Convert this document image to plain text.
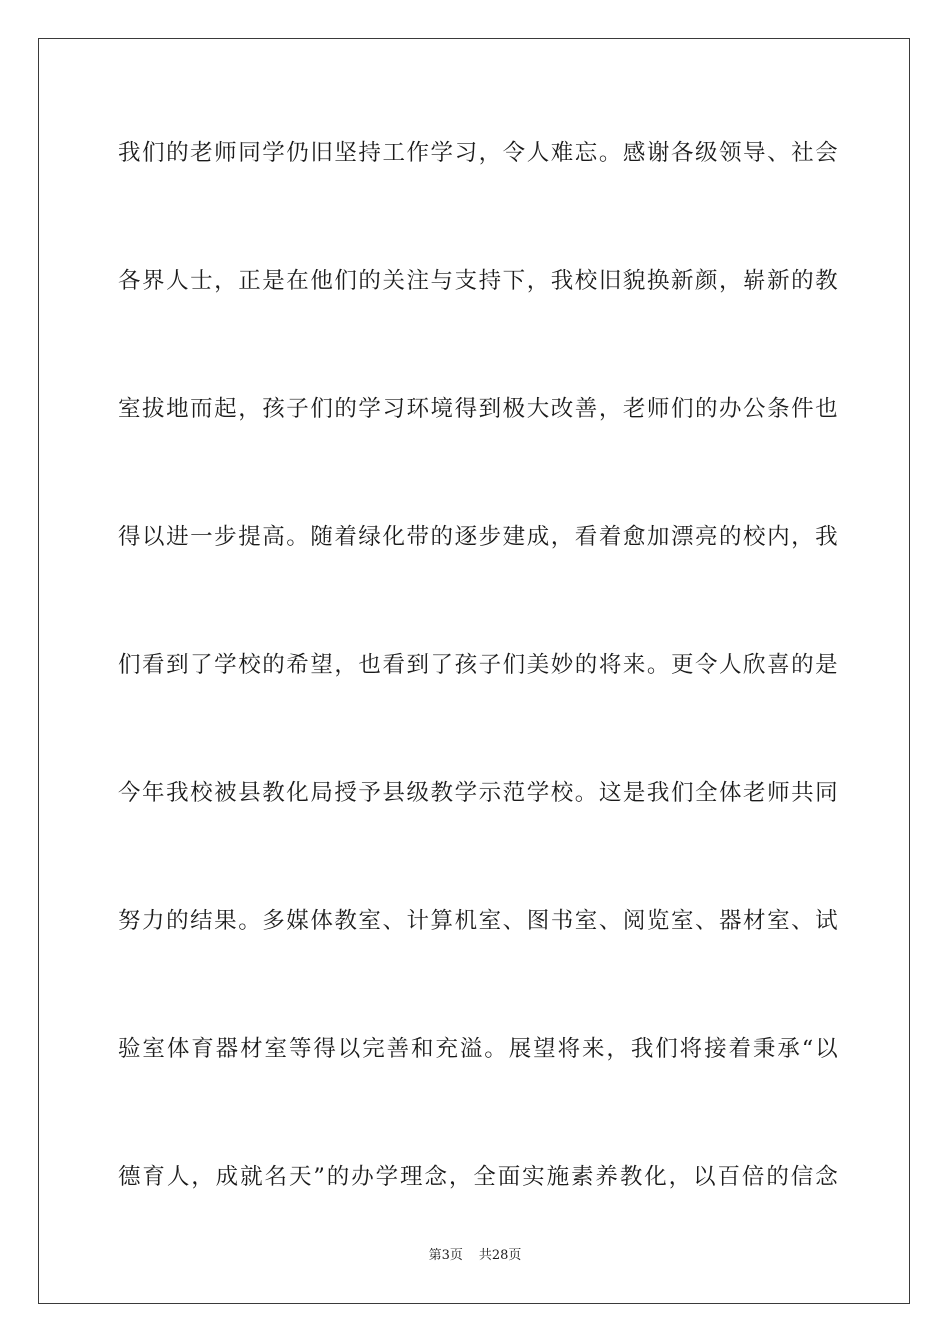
我们的老师同学仍旧坚持工作学习，令人难忘。感谢各级领导、社会
各界人士，正是在他们的关注与支持下，我校旧貌换新颜，崭新的教
室拔地而起，孩子们的学习环境得到极大改善，老师们的办公条件也
得以进一步提高。随着绿化带的逐步建成，看着愈加漂亮的校内，我
们看到了学校的希望，也看到了孩子们美妙的将来。更令人欣喜的是
今年我校被县教化局授予县级教学示范学校。这是我们全体老师共同
努力的结果。多媒体教室、计算机室、图书室、阅览室、器材室、试
验室体育器材室等得以完善和充溢。展望将来，我们将接着秉承“以
德育人，成就名天”的办学理念，全面实施素养教化，以百倍的信念
第3页 共28页
